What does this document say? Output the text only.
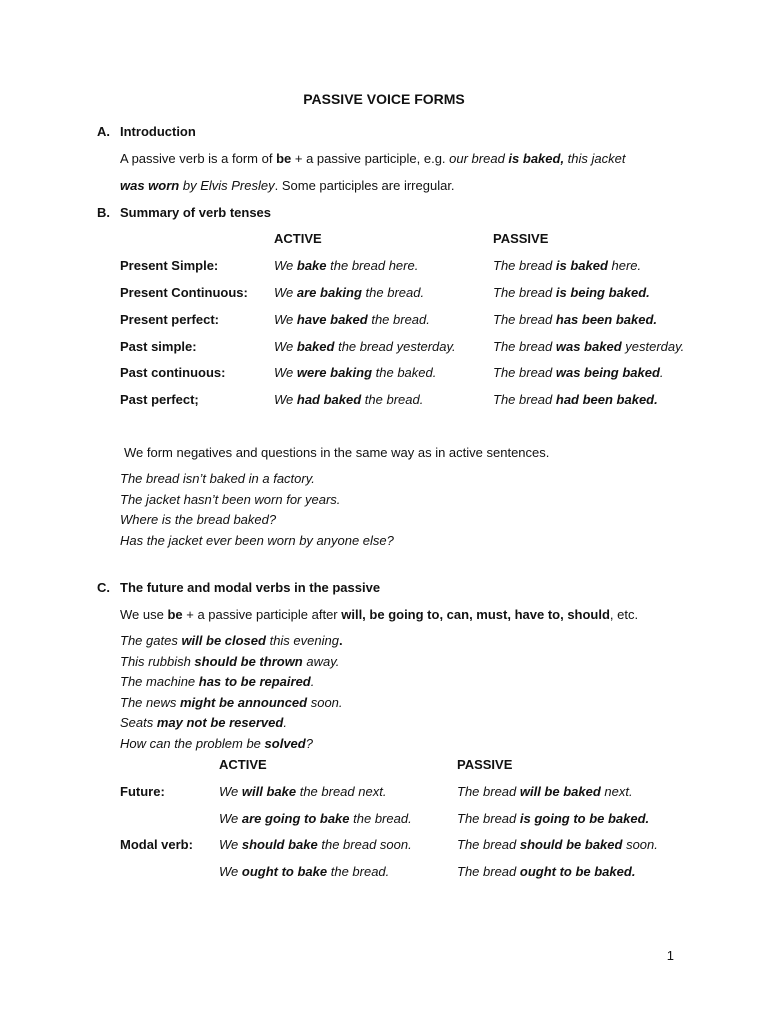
PASSIVE VOICE FORMS
A. Introduction
A passive verb is a form of be + a passive participle, e.g. our bread is baked, this jacket
was worn by Elvis Presley. Some participles are irregular.
B. Summary of verb tenses
ACTIVE	PASSIVE
Present Simple:	We bake the bread here.	The bread is baked here.
Present Continuous: We are baking the bread.	The bread is being baked.
Present perfect:	We have baked the bread.	The bread has been baked.
Past simple:	We baked the bread yesterday.	The bread was baked yesterday.
Past continuous:	We were baking the baked.	The bread was being baked.
Past perfect;	We had baked the bread.	The bread had been baked.
We form negatives and questions in the same way as in active sentences.
The bread isn’t baked in a factory.
The jacket hasn’t been worn for years.
Where is the bread baked?
Has the jacket ever been worn by anyone else?
C. The future and modal verbs in the passive
We use be + a passive participle after will, be going to, can, must, have to, should, etc.
The gates will be closed this evening.
This rubbish should be thrown away.
The machine has to be repaired.
The news might be announced soon.
Seats may not be reserved.
How can the problem be solved?
ACTIVE	PASSIVE
Future:	We will bake the bread next.	The bread will be baked next.
We are going to bake the bread.	The bread is going to be baked.
Modal verb: We should bake the bread soon.	The bread should be baked soon.
We ought to bake the bread.	The bread ought to be baked.
1
